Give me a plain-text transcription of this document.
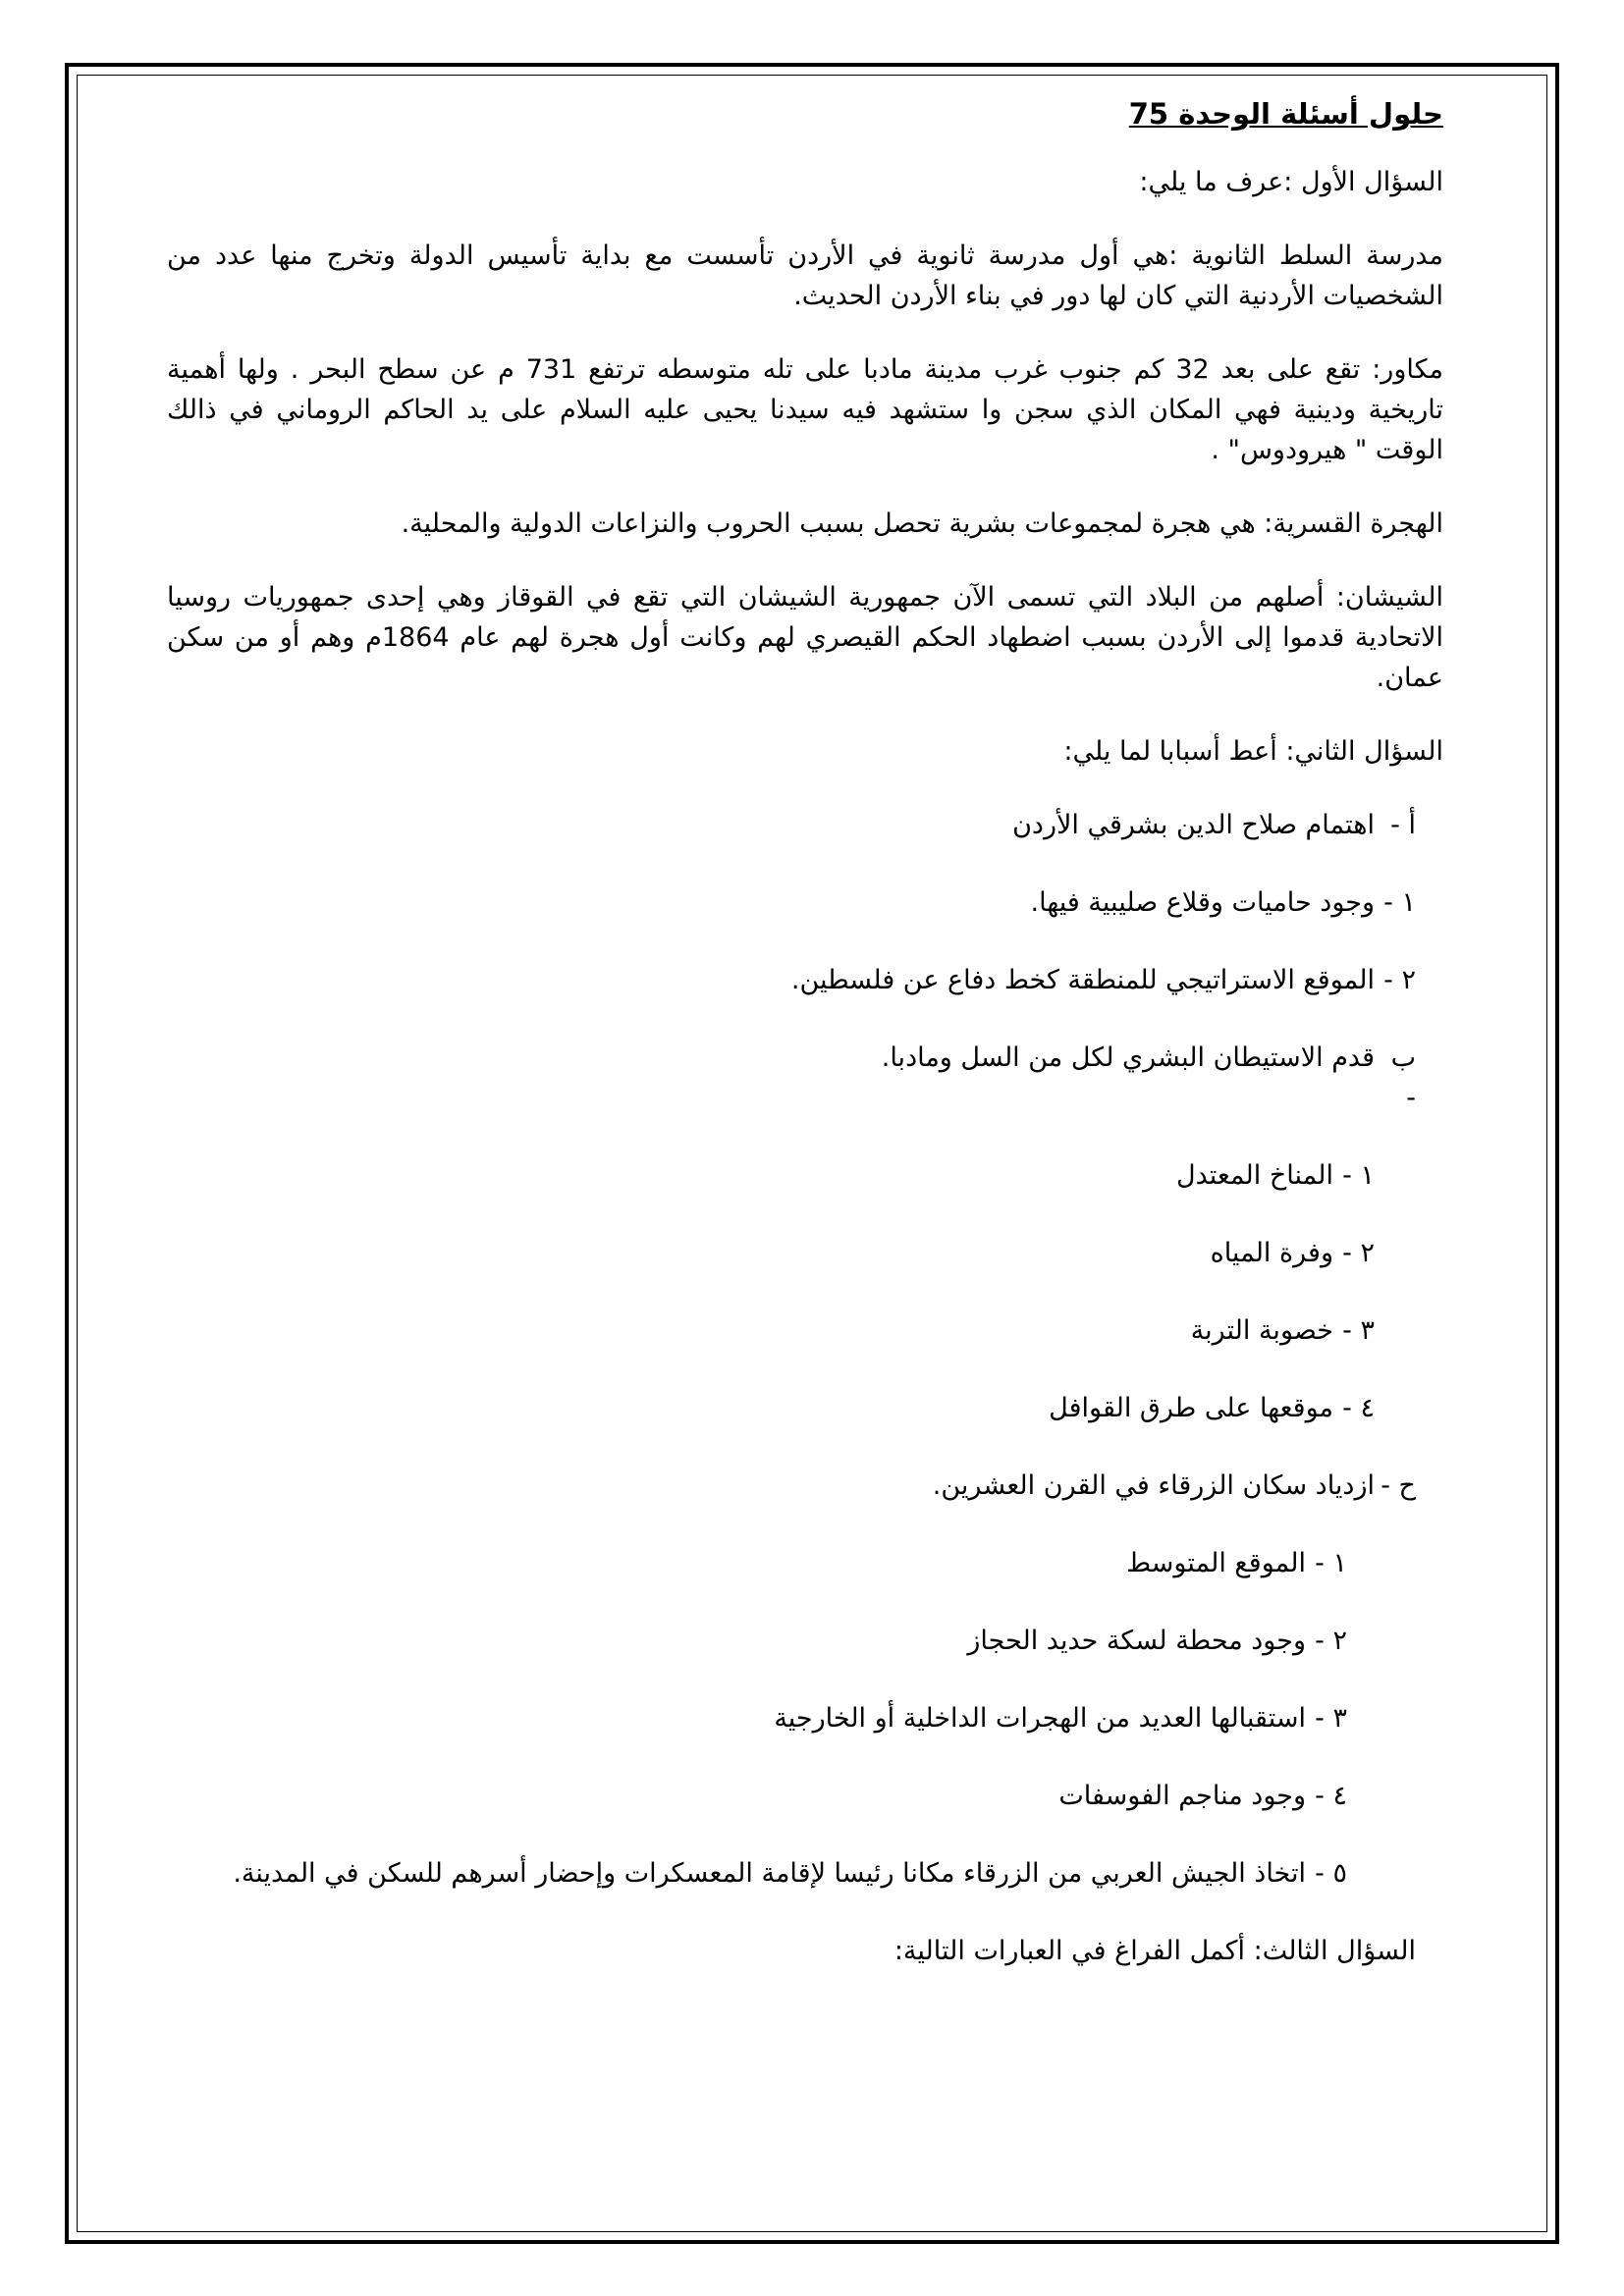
حلول أسئلة الوحدة 75

السؤال الأول :عرف ما يلي:

مدرسة السلط الثانوية :هي أول مدرسة ثانوية في الأردن تأسست مع بداية تأسيس الدولة وتخرج منها عدد من الشخصيات الأردنية التي كان لها دور في بناء الأردن الحديث.

مكاور: تقع على بعد 32 كم جنوب غرب مدينة مادبا على تله متوسطه ترتفع 731 م عن سطح البحر . ولها أهمية تاريخية ودينية فهي المكان الذي سجن وا ستشهد فيه سيدنا يحيى عليه السلام على يد الحاكم الروماني في ذالك الوقت " هيرودوس" .

الهجرة القسرية: هي هجرة لمجموعات بشرية تحصل بسبب الحروب والنزاعات الدولية والمحلية.

الشيشان: أصلهم من البلاد التي تسمى الآن جمهورية الشيشان التي تقع في القوقاز وهي إحدى جمهوريات روسيا الاتحادية قدموا إلى الأردن بسبب اضطهاد الحكم القيصري لهم وكانت أول هجرة لهم عام 1864م وهم أو من سكن عمان.

السؤال الثاني: أعط أسبابا لما يلي:

أ -
اهتمام صلاح الدين بشرقي الأردن
١ -
وجود حاميات وقلاع صليبية فيها.
٢ -
الموقع الاستراتيجي للمنطقة كخط دفاع عن فلسطين.
ب -
قدم الاستيطان البشري لكل من السل ومادبا.
١ -
المناخ المعتدل
٢ -
وفرة المياه
٣ -
خصوبة التربة
٤ -
موقعها على طرق القوافل
ح -
ازدياد سكان الزرقاء في القرن العشرين.
١ -
الموقع المتوسط
٢ -
وجود محطة لسكة حديد الحجاز
٣ -
استقبالها العديد من الهجرات الداخلية أو الخارجية
٤ -
وجود مناجم الفوسفات
٥ -
اتخاذ الجيش العربي من الزرقاء مكانا رئيسا لإقامة المعسكرات وإحضار أسرهم للسكن في المدينة.

السؤال الثالث: أكمل الفراغ في العبارات التالية:
